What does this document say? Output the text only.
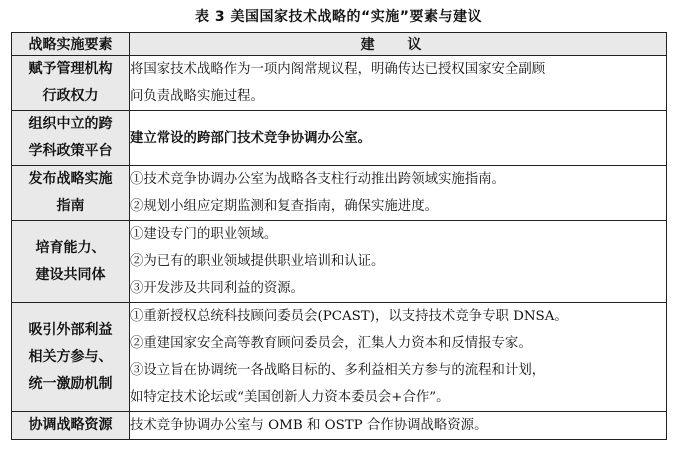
表 3 美国国家技术战略的“实施”要素与建议
战略实施要素	建 议
赋予管理机构
行政权力	将国家技术战略作为一项内阁常规议程，明确传达已授权国家安全副顾
问负责战略实施过程。

组织中立的跨
学科政策平台	建立常设的跨部门技术竞争协调办公室。

发布战略实施
指南	①技术竞争协调办公室为战略各支柱行动推出跨领域实施指南。
②规划小组应定期监测和复查指南，确保实施进度。

培育能力、
建设共同体	①建设专门的职业领域。
②为已有的职业领域提供职业培训和认证。
③开发涉及共同利益的资源。

吸引外部利益
相关方参与、
统一激励机制	①重新授权总统科技顾问委员会(PCAST)，以支持技术竞争专职 DNSA。
②重建国家安全高等教育顾问委员会，汇集人力资本和反情报专家。
③设立旨在协调统一各战略目标的、多利益相关方参与的流程和计划，
如特定技术论坛或“美国创新人力资本委员会+合作”。

协调战略资源	技术竞争协调办公室与 OMB 和 OSTP 合作协调战略资源。
